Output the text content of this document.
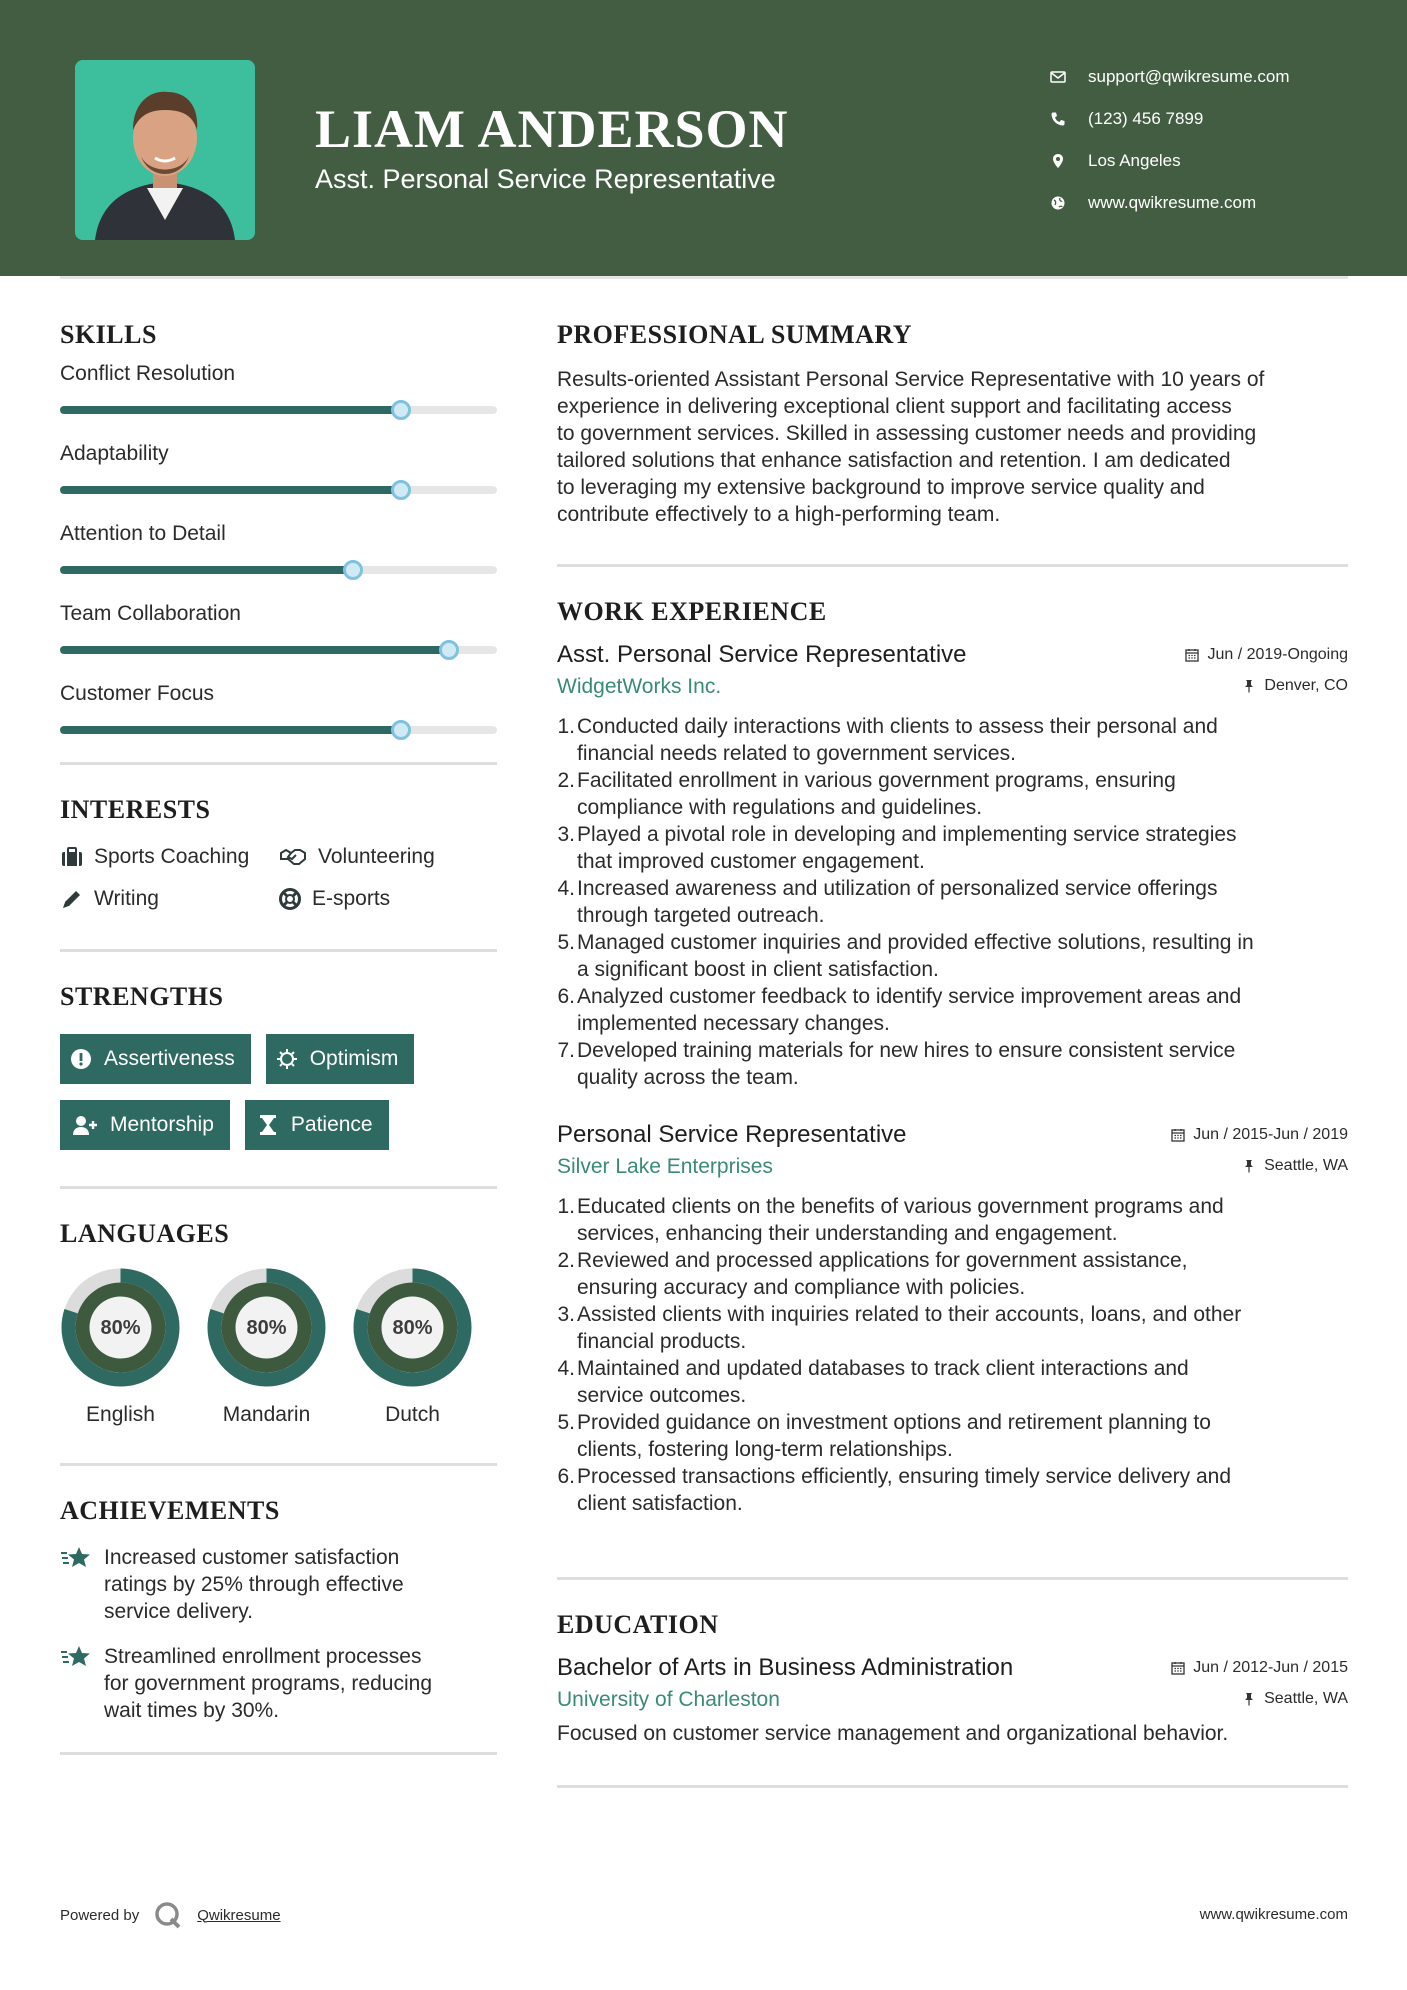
LIAM ANDERSON
Asst. Personal Service Representative
support@qwikresume.com
(123) 456 7899
Los Angeles
www.qwikresume.com
SKILLS
Conflict Resolution
Adaptability
Attention to Detail
Team Collaboration
Customer Focus
INTERESTS
Sports Coaching	Volunteering
Writing	E-sports
STRENGTHS
Assertiveness	Optimism
Mentorship	Patience
LANGUAGES
80%
English
80%
Mandarin
80%
Dutch
ACHIEVEMENTS
Increased customer satisfaction
ratings by 25% through effective
service delivery.
Streamlined enrollment processes
for government programs, reducing
wait times by 30%.
PROFESSIONAL SUMMARY
Results-oriented Assistant Personal Service Representative with 10 years of
experience in delivering exceptional client support and facilitating access
to government services. Skilled in assessing customer needs and providing
tailored solutions that enhance satisfaction and retention. I am dedicated
to leveraging my extensive background to improve service quality and
contribute effectively to a high-performing team.
WORK EXPERIENCE
Asst. Personal Service Representative	Jun / 2019-Ongoing
WidgetWorks Inc.	Denver, CO
1. Conducted daily interactions with clients to assess their personal and
financial needs related to government services.
2. Facilitated enrollment in various government programs, ensuring
compliance with regulations and guidelines.
3. Played a pivotal role in developing and implementing service strategies
that improved customer engagement.
4. Increased awareness and utilization of personalized service offerings
through targeted outreach.
5. Managed customer inquiries and provided effective solutions, resulting in
a significant boost in client satisfaction.
6. Analyzed customer feedback to identify service improvement areas and
implemented necessary changes.
7. Developed training materials for new hires to ensure consistent service
quality across the team.
Personal Service Representative	Jun / 2015-Jun / 2019
Silver Lake Enterprises	Seattle, WA
1. Educated clients on the benefits of various government programs and
services, enhancing their understanding and engagement.
2. Reviewed and processed applications for government assistance,
ensuring accuracy and compliance with policies.
3. Assisted clients with inquiries related to their accounts, loans, and other
financial products.
4. Maintained and updated databases to track client interactions and
service outcomes.
5. Provided guidance on investment options and retirement planning to
clients, fostering long-term relationships.
6. Processed transactions efficiently, ensuring timely service delivery and
client satisfaction.
EDUCATION
Bachelor of Arts in Business Administration	Jun / 2012-Jun / 2015
University of Charleston	Seattle, WA
Focused on customer service management and organizational behavior.
Powered by	Qwikresume	www.qwikresume.com
